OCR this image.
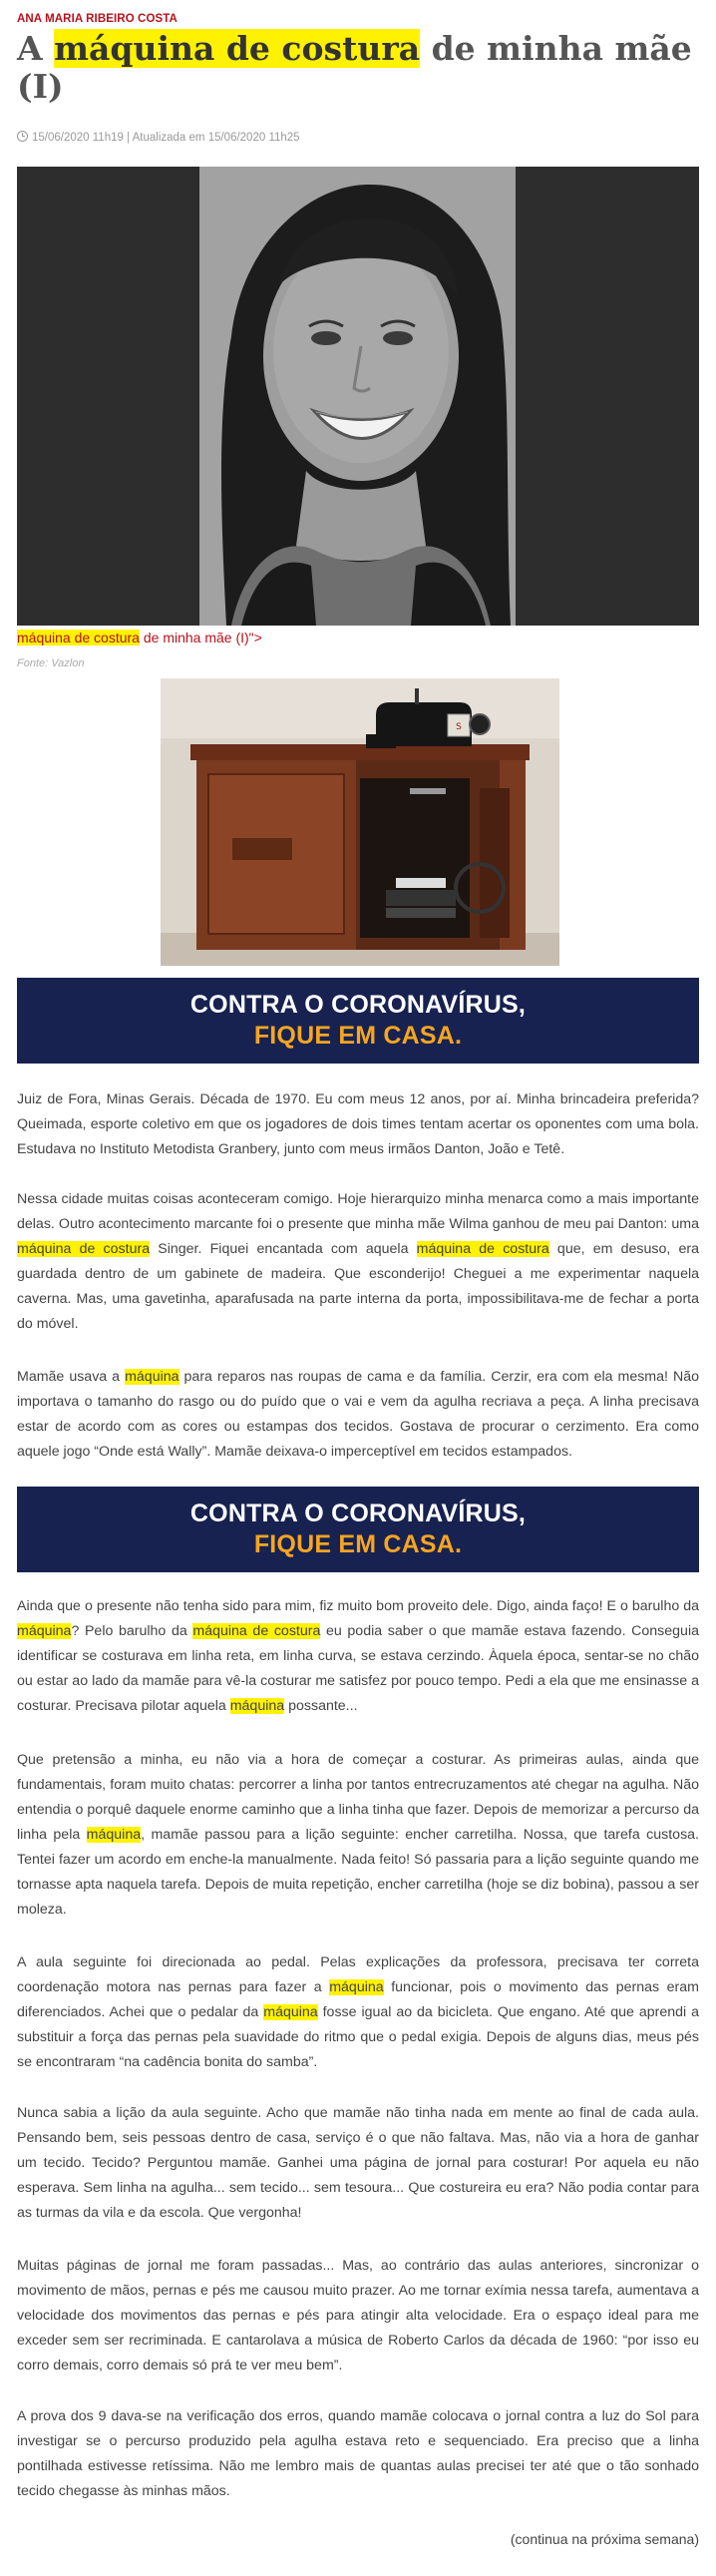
ANA MARIA RIBEIRO COSTA
A máquina de costura de minha mãe (I)
15/06/2020 11h19 | Atualizada em 15/06/2020 11h25
máquina de costura de minha mãe (I)">
Fonte: Vazlon
S
CONTRA O CORONAVÍRUS,
FIQUE EM CASA.

Juiz de Fora, Minas Gerais. Década de 1970. Eu com meus 12 anos, por aí. Minha brincadeira preferida? Queimada, esporte coletivo em que os jogadores de dois times tentam acertar os oponentes com uma bola. Estudava no Instituto Metodista Granbery, junto com meus irmãos Danton, João e Tetê.

Nessa cidade muitas coisas aconteceram comigo. Hoje hierarquizo minha menarca como a mais importante delas. Outro acontecimento marcante foi o presente que minha mãe Wilma ganhou de meu pai Danton: uma máquina de costura Singer. Fiquei encantada com aquela máquina de costura que, em desuso, era guardada dentro de um gabinete de madeira. Que esconderijo! Cheguei a me experimentar naquela caverna. Mas, uma gavetinha, aparafusada na parte interna da porta, impossibilitava-me de fechar a porta do móvel.

Mamãe usava a máquina para reparos nas roupas de cama e da família. Cerzir, era com ela mesma! Não importava o tamanho do rasgo ou do puído que o vai e vem da agulha recriava a peça. A linha precisava estar de acordo com as cores ou estampas dos tecidos. Gostava de procurar o cerzimento. Era como aquele jogo “Onde está Wally”. Mamãe deixava-o imperceptível em tecidos estampados.

CONTRA O CORONAVÍRUS,
FIQUE EM CASA.

Ainda que o presente não tenha sido para mim, fiz muito bom proveito dele. Digo, ainda faço! E o barulho da máquina? Pelo barulho da máquina de costura eu podia saber o que mamãe estava fazendo. Conseguia identificar se costurava em linha reta, em linha curva, se estava cerzindo. Àquela época, sentar-se no chão ou estar ao lado da mamãe para vê-la costurar me satisfez por pouco tempo. Pedi a ela que me ensinasse a costurar. Precisava pilotar aquela máquina possante...

Que pretensão a minha, eu não via a hora de começar a costurar. As primeiras aulas, ainda que fundamentais, foram muito chatas: percorrer a linha por tantos entrecruzamentos até chegar na agulha. Não entendia o porquê daquele enorme caminho que a linha tinha que fazer. Depois de memorizar a percurso da linha pela máquina, mamãe passou para a lição seguinte: encher carretilha. Nossa, que tarefa custosa. Tentei fazer um acordo em enche-la manualmente. Nada feito! Só passaria para a lição seguinte quando me tornasse apta naquela tarefa. Depois de muita repetição, encher carretilha (hoje se diz bobina), passou a ser moleza.

A aula seguinte foi direcionada ao pedal. Pelas explicações da professora, precisava ter correta coordenação motora nas pernas para fazer a máquina funcionar, pois o movimento das pernas eram diferenciados. Achei que o pedalar da máquina fosse igual ao da bicicleta. Que engano. Até que aprendi a substituir a força das pernas pela suavidade do ritmo que o pedal exigia. Depois de alguns dias, meus pés se encontraram “na cadência bonita do samba”.

Nunca sabia a lição da aula seguinte. Acho que mamãe não tinha nada em mente ao final de cada aula. Pensando bem, seis pessoas dentro de casa, serviço é o que não faltava. Mas, não via a hora de ganhar um tecido. Tecido? Perguntou mamãe. Ganhei uma página de jornal para costurar! Por aquela eu não esperava. Sem linha na agulha... sem tecido... sem tesoura... Que costureira eu era? Não podia contar para as turmas da vila e da escola. Que vergonha!

Muitas páginas de jornal me foram passadas... Mas, ao contrário das aulas anteriores, sincronizar o movimento de mãos, pernas e pés me causou muito prazer. Ao me tornar exímia nessa tarefa, aumentava a velocidade dos movimentos das pernas e pés para atingir alta velocidade. Era o espaço ideal para me exceder sem ser recriminada. E cantarolava a música de Roberto Carlos da década de 1960: “por isso eu corro demais, corro demais só prá te ver meu bem”.

A prova dos 9 dava-se na verificação dos erros, quando mamãe colocava o jornal contra a luz do Sol para investigar se o percurso produzido pela agulha estava reto e sequenciado. Era preciso que a linha pontilhada estivesse retíssima. Não me lembro mais de quantas aulas precisei ter até que o tão sonhado tecido chegasse às minhas mãos.

(continua na próxima semana)
